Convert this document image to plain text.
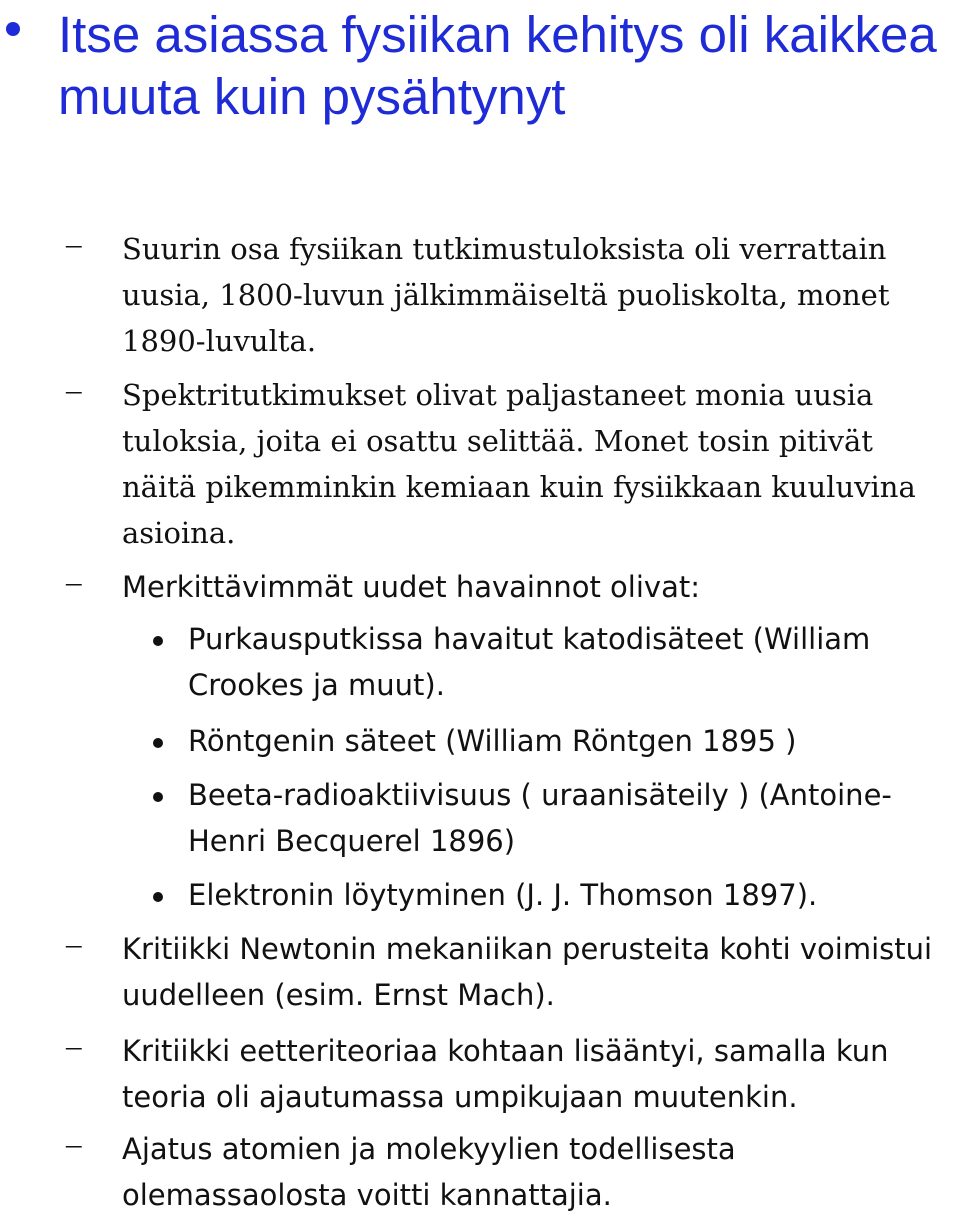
Itse asiassa fysiikan kehitys oli kaikkea muuta kuin pysähtynyt
– Suurin osa fysiikan tutkimustuloksista oli verrattain uusia, 1800-luvun jälkimmäiseltä puoliskolta, monet 1890-luvulta.
– Spektritutkimukset olivat paljastaneet monia uusia tuloksia, joita ei osattu selittää. Monet tosin pitivät näitä pikemminkin kemiaan kuin fysiikkaan kuuluvina asioina.
– Merkittävimmät uudet havainnot olivat:
Purkausputkissa havaitut katodisäteet (William Crookes ja muut).
Röntgenin säteet (William Röntgen 1895 )
Beeta-radioaktiivisuus ( uraanisäteily ) (Antoine-Henri Becquerel 1896)
Elektronin löytyminen (J. J. Thomson 1897).
– Kritiikki Newtonin mekaniikan perusteita kohti voimistui uudelleen (esim. Ernst Mach).
– Kritiikki eetteriteoriaa kohtaan lisääntyi, samalla kun teoria oli ajautumassa umpikujaan muutenkin.
– Ajatus atomien ja molekyylien todellisesta olemassaolosta voitti kannattajia.
